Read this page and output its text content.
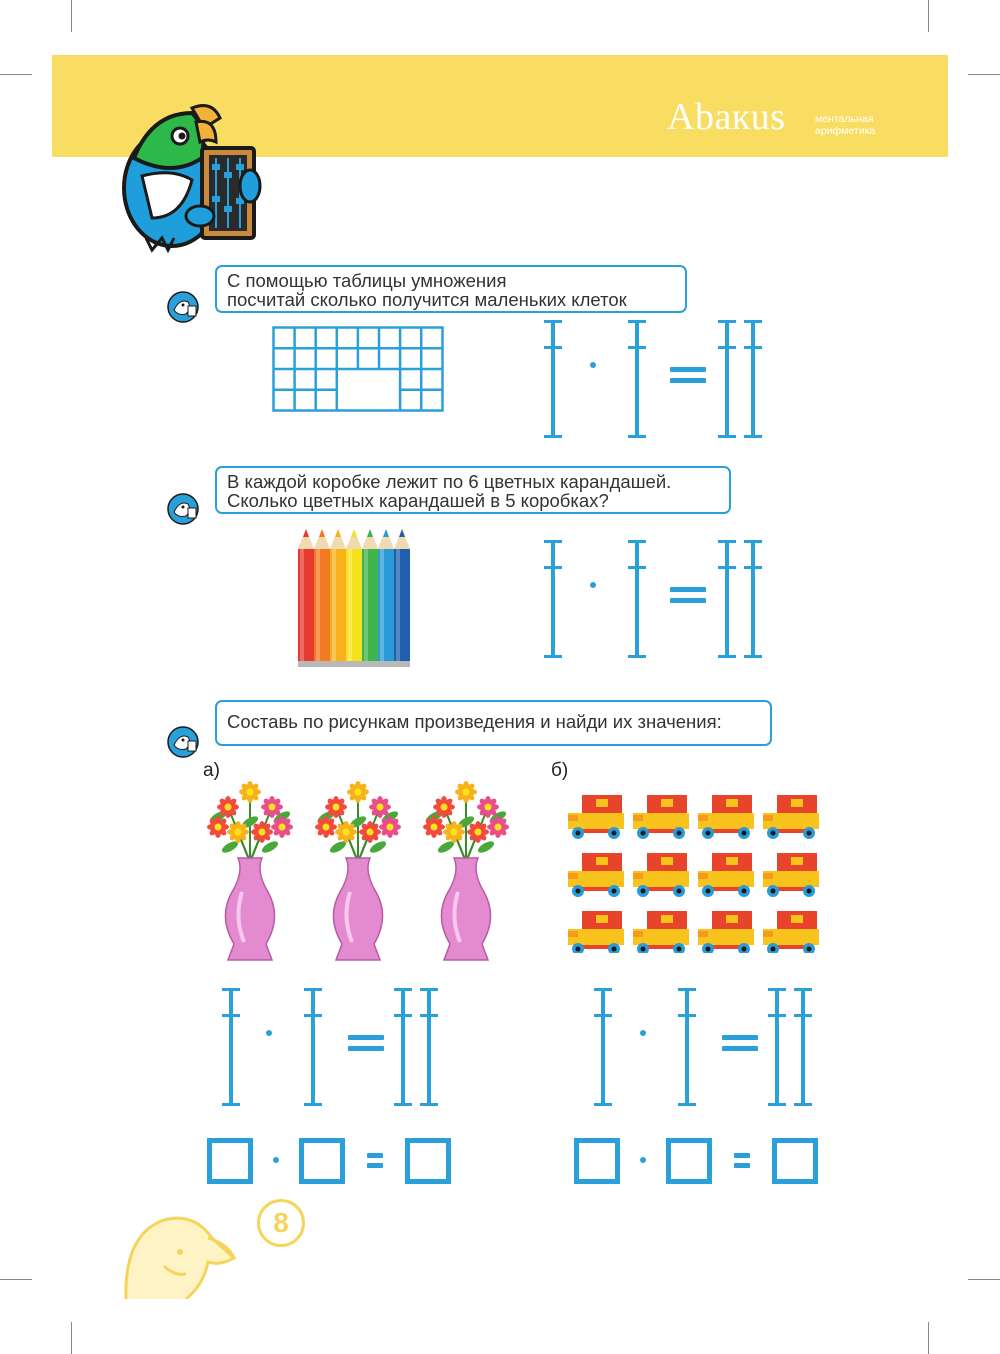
Abaкus	ментальная
арифметика
С помощью таблицы умножения
посчитай сколько получится маленьких клеток
В каждой коробке лежит по 6 цветных карандашей.
Сколько цветных карандашей в 5 коробках?
Составь по рисункам произведения и найди их значения:
а)	б)
8
